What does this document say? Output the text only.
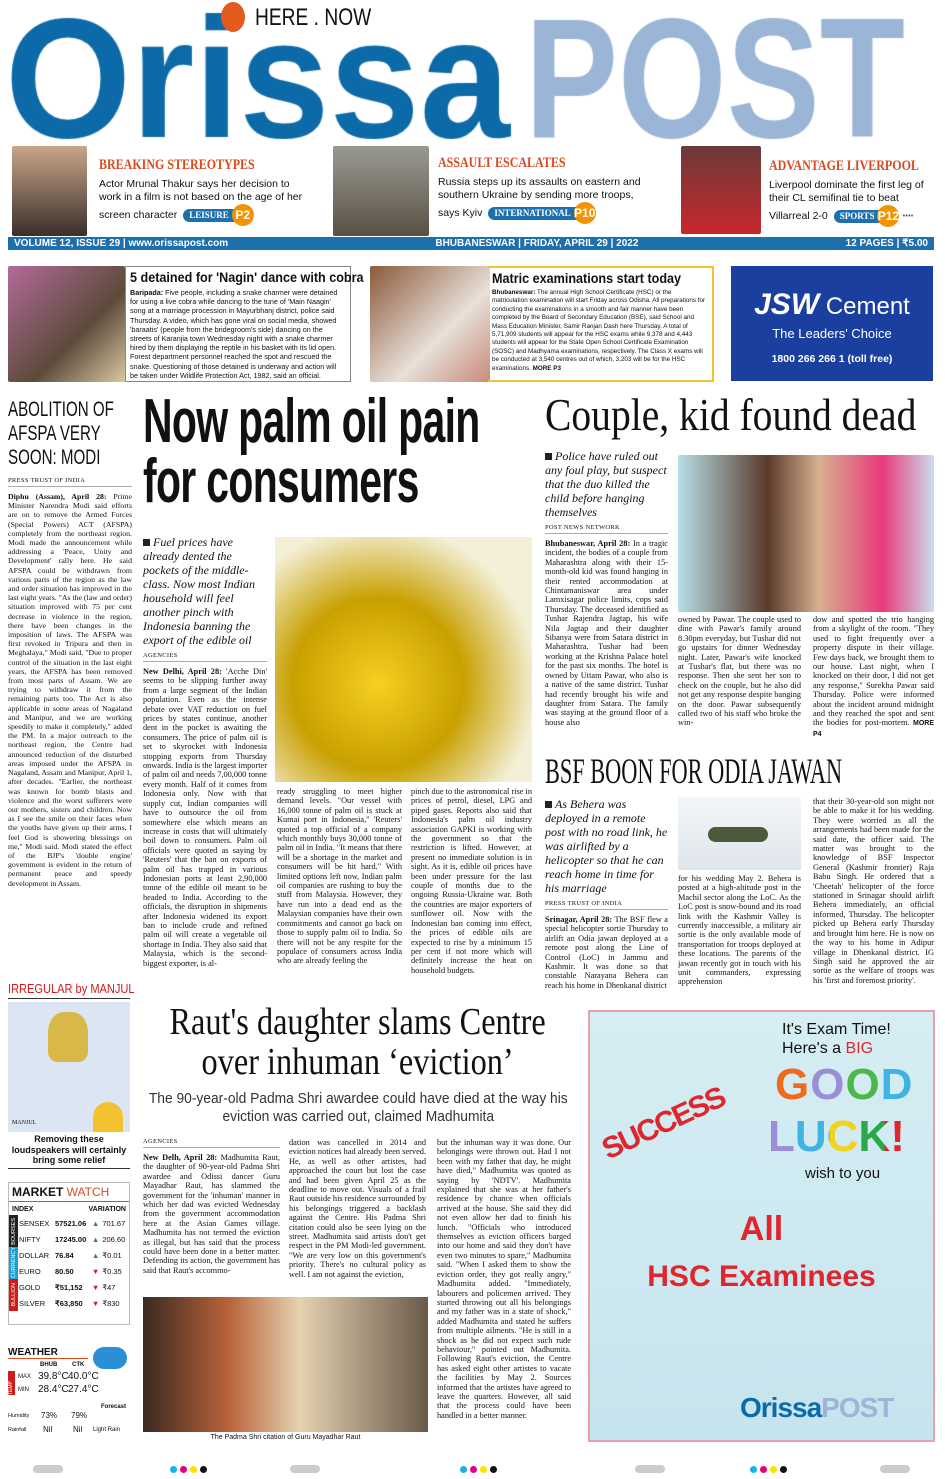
HERE . NOW
BREAKING STEREOTYPES

Actor Mrunal Thakur says her decision to work in a film is not based on the age of her screen character	LEISURE P2

ASSAULT ESCALATES

Russia steps up its assaults on eastern and southern Ukraine by sending more troops, says Kyiv	INTERNATIONAL P10

ADVANTAGE LIVERPOOL

Liverpool dominate the first leg of their CL semifinal tie to beat Villarreal 2-0	SPORTS P12 ****

VOLUME 12, ISSUE 29 | www.orissapost.com	BHUBANESWAR | FRIDAY, APRIL 29 | 2022	12 PAGES | ₹5.00
5 detained for 'Nagin' dance with cobra

Baripada: Five people, including a snake charmer were detained for using a live cobra while dancing to the tune of 'Main Naagin' song at a marriage procession in Mayurbhanj district, police said Thursday. A video, which has gone viral on social media, showed 'baraatis' (people from the bridegroom's side) dancing on the streets of Karanjia town Wednesday night with a snake charmer hired by them displaying the reptile in his basket with its lid open. Forest department personnel reached the spot and rescued the snake. Questioning of those detained is underway and action will be taken under Wildlife Protection Act, 1982, said an official.

Matric examinations start today

Bhubaneswar: The annual High School Certificate (HSC) or the matriculation examination will start Friday across Odisha. All preparations for conducting the examinations in a smooth and fair manner have been completed by the Board of Secondary Education (BSE), said School and Mass Education Minister, Samir Ranjan Dash here Thursday. A total of 5,71,909 students will appear for the HSC exams while 9,378 and 4,443 students will appear for the State Open School Certificate Examination (SOSC) and Madhyama examinations, respectively. The Class X exams will be conducted at 3,540 centres out of which, 3,203 will be for the HSC examinations. MORE P3

JSW Cement
The Leaders' Choice
1800 266 266 1 (toll free)
ABOLITION OF AFSPA VERY SOON: MODI
PRESS TRUST OF INDIA
Diphu (Assam), April 28: Prime Minister Narendra Modi said efforts are on to remove the Armed Forces (Special Powers) ACT (AFSPA) completely from the northeast region. Modi made the announcement while addressing a 'Peace, Unity and Development' rally here. He said AFSPA could be withdrawn from various parts of the region as the law and order situation has improved in the last eight years. "As the (law and order) situation improved with 75 per cent decrease in violence in the region, there have been changes in the imposition of laws. The AFSPA was first revoked in Tripura and then in Meghalaya," Modi said. "Due to proper control of the situation in the last eight years, the AFSPA has been removed from most parts of Assam. We are trying to withdraw it from the remaining parts too. The Act is also applicable in some areas of Nagaland and Manipur, and we are working speedily to make it completely," added the PM. In a major outreach to the northeast region, the Centre had announced reduction of the disturbed areas imposed under the AFSPA in Nagaland, Assam and Manipur, April 1, after decades. "Earlier, the northeast was known for bomb blasts and violence and the worst sufferers were our mothers, sisters and children. Now as I see the smile on their faces when the youths have given up their arms, I feel God is showering blessings on me," Modi said. Modi stated the effect of the BJP's 'double engine' government is evident in the return of permanent peace and speedy development in Assam.
IRREGULAR by MANJUL
MANJUL
Removing these loudspeakers will certainly bring some relief
MARKET WATCH
INDEX	VARIATION
BOURSES
CURRENCY
BULLION
SENSEX	57521.06	▲	701.67
NIFTY	17245.00	▲	206.60
DOLLAR	76.84	▲	₹0.01
EURO	80.50	▼	₹0.35
GOLD	₹51,152	▼	₹47
SILVER	₹63,850	▼	₹830
WEATHER
BHUB CTK
TEMP
MAX 39.8°C 40.0°C
MIN 28.4°C 27.4°C
Forecast
Humidity 73% 79%
Rainfall Nil	Nil Light Rain
Now palm oil pain for consumers
Fuel prices have already dented the pockets of the middle-class. Now most Indian household will feel another pinch with Indonesia banning the export of the edible oil
AGENCIES
New Delhi, April 28: 'Acche Din' seems to be slipping further away from a large segment of the Indian population. Even as the intense debate over VAT reduction on fuel prices by states continue, another dent in the pocket is awaiting the consumers. The price of palm oil is set to skyrocket with Indonesia stopping exports from Thursday onwards. India is the largest importer of palm oil and needs 7,00,000 tonne every month. Half of it comes from Indonesia only. Now with that supply cut, Indian companies will have to outsource the oil from somewhere else which means an increase in costs that will ultimately boil down to consumers. Palm oil officials were quoted as saying by 'Reuters' that the ban on exports of palm oil has trapped in various Indonesian ports at least 2,90,000 tonne of the edible oil meant to be headed to India. According to the officials, the disruption in shipments after Indonesia widened its export ban to include crude and refined palm oil will create a vegetable oil shortage in India. They also said that Malaysia, which is the second-biggest exporter, is al-
ready struggling to meet higher demand levels. "Our vessel with 16,000 tonne of palm oil is stuck at Kumai port in Indonesia," 'Reuters' quoted a top official of a company which monthly buys 30,000 tonne of palm oil in India. "It means that there will be a shortage in the market and consumers will be hit hard." With limited options left now, Indian palm oil companies are rushing to buy the stuff from Malaysia. However, they have run into a dead end as the Malaysian companies have their own commitments and cannot go back on those to supply palm oil to India. So there will not be any respite for the populace of consumers across India who are already feeling the
pinch due to the astronomical rise in prices of petrol, diesel, LPG and piped gases. Reports also said that Indonesia's palm oil industry association GAPKI is working with the government so that the restriction is lifted. However, at present no immediate solution is in sight. As it is, edible oil prices have been under pressure for the last couple of months due to the ongoing Russia-Ukraine war. Both the countries are major exporters of sunflower oil. Now with the Indonesian ban coming into effect, the prices of edible oils are expected to rise by a minimum 15 per cent if not more which will definitely increase the heat on household budgets.
Couple, kid found dead
Police have ruled out any foul play, but suspect that the duo killed the child before hanging themselves
POST NEWS NETWORK
Bhubaneswar, April 28: In a tragic incident, the bodies of a couple from Maharashtra along with their 15-month-old kid was found hanging in their rented accommodation at Chintamaniswar area under Lamxisagar police limits, cops said Thursday. The deceased identified as Tushar Rajendra Jagtap, his wife Nila Jagtap and their daughter Sibanya were from Satara district in Maharashtra. Tushar had been working at the Krishna Palace hotel for the past six months. The hotel is owned by Uttam Pawar, who also is a native of the same district. Tushar had recently brought his wife and daughter from Satara. The family was staying at the ground floor of a house also
owned by Pawar. The couple used to dine with Pawar's family around 8.30pm everyday, but Tushar did not go upstairs for dinner Wednesday night. Later, Pawar's wife knocked at Tushar's flat, but there was no response. Then she sent her son to check on the couple, but he also did not get any response despite banging on the door. Pawar subsequently called two of his staff who broke the win-
dow and spotted the trio hanging from a skylight of the room. "They used to fight frequently over a property dispute in their village. Few days back, we brought them to our house. Last night, when I knocked on their door, I did not get any response," Surekha Pawar said Thursday. Police were informed about the incident around midnight and they reached the spot and sent the bodies for post-mortem. MORE P4
BSF BOON FOR ODIA JAWAN
As Behera was deployed in a remote post with no road link, he was airlifted by a helicopter so that he can reach home in time for his marriage
PRESS TRUST OF INDIA
Srinagar, April 28: The BSF flew a special helicopter sortie Thursday to airlift an Odia jawan deployed at a remote post along the Line of Control (LoC) in Jammu and Kashmir. It was done so that constable Narayana Behera can reach his home in Dhenkanal district
for his wedding May 2. Behera is posted at a high-altitude post in the Machil sector along the LoC. As the LoC post is snow-bound and its road link with the Kashmir Valley is currently inaccessible, a military air sortie is the only available mode of transportation for troops deployed at these locations. The parents of the jawan recently got in touch with his unit commanders, expressing apprehension
that their 30-year-old son might not be able to make it for his wedding. They were worried as all the arrangements had been made for the said date, the officer said. The matter was brought to the knowledge of BSF Inspector General (Kashmir frontier) Raja Babu Singh. He ordered that a 'Cheetah' helicopter of the force stationed in Srinagar should airlift Behera immediately, an official informed, Thursday. The helicopter picked up Behera early Thursday and brought him here. He is now on the way to his home in Adipur village in Dhenkanal district. IG Singh said he approved the air sortie as the welfare of troops was his 'first and foremost priority'.
Raut's daughter slams Centre over inhuman ‘eviction’
The 90-year-old Padma Shri awardee could have died at the way his eviction was carried out, claimed Madhumita
AGENCIES
New Delh, April 28: Madhumita Raut, the daughter of 90-year-old Padma Shri awardee and Odissi dancer Guru Mayadhar Raut, has slammed the government for the 'inhuman' manner in which her dad was evicted Wednesday from the government accommodation here at the Asian Games village. Madhumita has not termed the eviction as illegal, but has said that the process could have been done in a better matter. Defending its action, the government has said that Raut's accommo-
dation was cancelled in 2014 and eviction notices had already been served. He, as well as other artistes, had approached the court but lost the case and had been given April 25 as the deadline to move out. Visuals of a frail Raut outside his residence surrounded by his belongings triggered a backlash against the Centre. His Padma Shri citation could also be seen lying on the street. Madhumita said artists don't get respect in the PM Modi-led government. "We are very low on this government's priority. There's no cultural policy as well. I am not against the eviction,
but the inhuman way it was done. Our belongings were thrown out. Had I not been with my father that day, he might have died," Madhumita was quoted as saying by 'NDTV'. Madhumita explained that she was at her father's residence by chance when officials arrived at the house. She said they did not even allow her dad to finish his lunch. "Officials who introduced themselves as eviction officers barged into our home and said they don't have even two minutes to spare," Madhumita said. "When I asked them to show the eviction order, they got really angry," Madhumita added. "Immediately, labourers and policemen arrived. They started throwing out all his belongings and my father was in a state of shock," added Madhumita and stated he suffers from multiple ailments. "He is still in a shock as he did not expect such rude behaviour," pointed out Madhumita. Following Raut's eviction, the Centre has asked eight other artistes to vacate the facilities by May 2. Sources informed that the artistes have agreed to leave the quarters. However, all said that the process could have been handled in a better manner.
The Padma Shri citation of Guru Mayadhar Raut
It's Exam Time!
Here's a BIG
GOOD
LUCK!
wish to you
SUCCESS
All
HSC Examinees
OrissaPOST
